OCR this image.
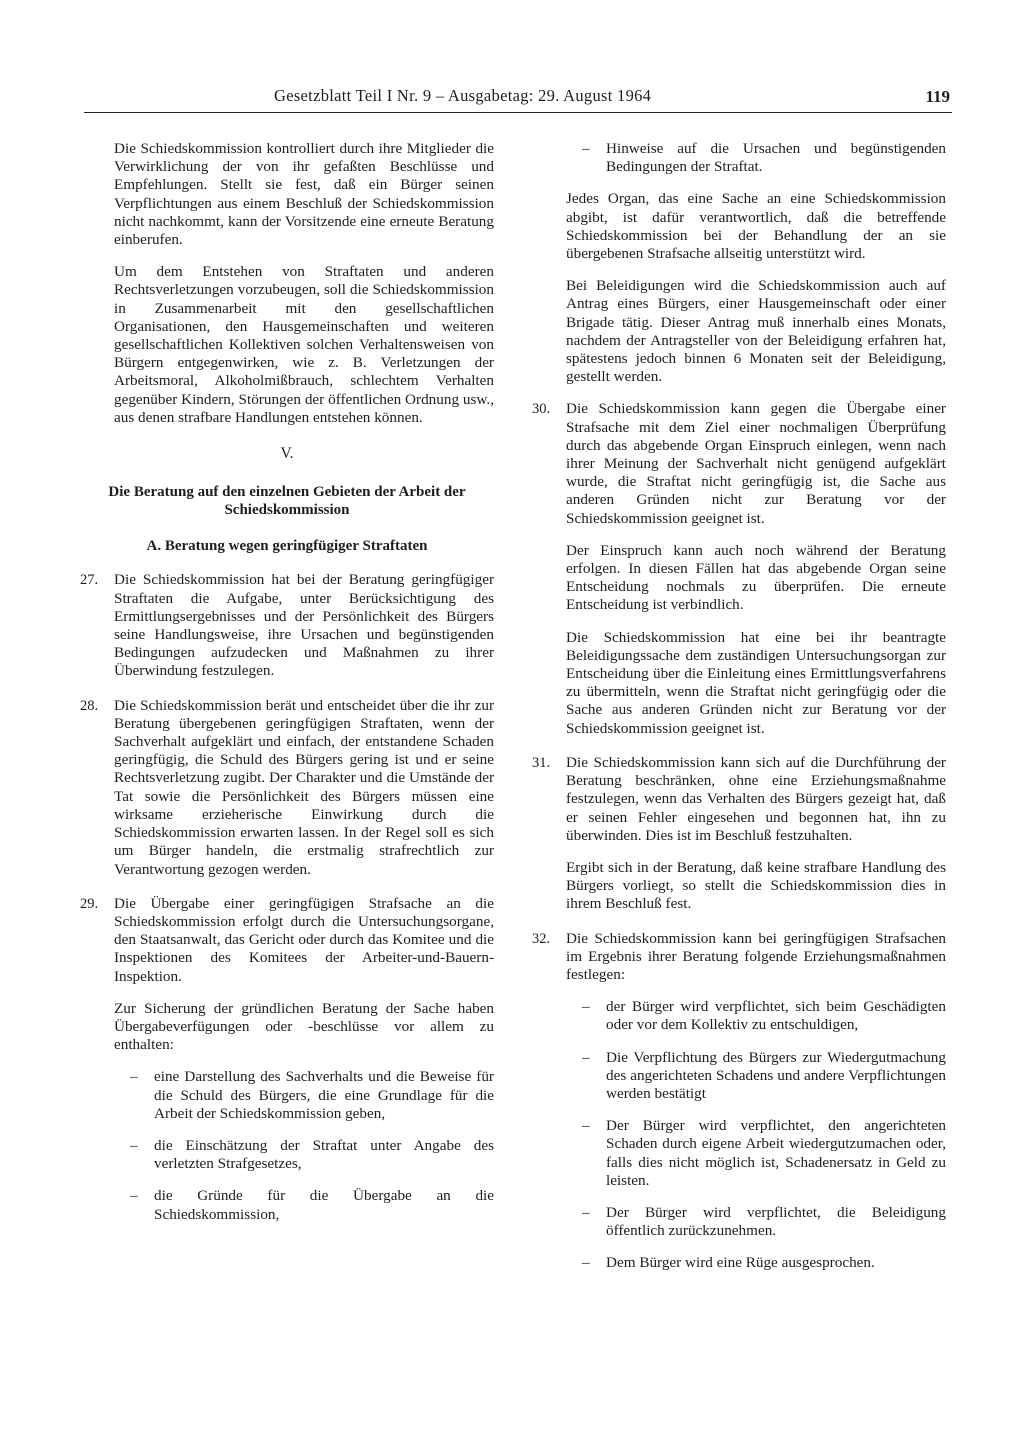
Gesetzblatt Teil I Nr. 9 – Ausgabetag: 29. August 1964	119

Die Schiedskommission kontrolliert durch ihre Mitglieder die Verwirklichung der von ihr gefaßten Beschlüsse und Empfehlungen. Stellt sie fest, daß ein Bürger seinen Verpflichtungen aus einem Beschluß der Schiedskommission nicht nachkommt, kann der Vorsitzende eine erneute Beratung einberufen.

Um dem Entstehen von Straftaten und anderen Rechtsverletzungen vorzubeugen, soll die Schiedskommission in Zusammenarbeit mit den gesellschaftlichen Organisationen, den Hausgemeinschaften und weiteren gesellschaftlichen Kollektiven solchen Verhaltensweisen von Bürgern entgegenwirken, wie z. B. Verletzungen der Arbeitsmoral, Alkoholmißbrauch, schlechtem Verhalten gegenüber Kindern, Störungen der öffentlichen Ordnung usw., aus denen strafbare Handlungen entstehen können.

V.
Die Beratung auf den einzelnen Gebieten der Arbeit der Schiedskommission
A. Beratung wegen geringfügiger Straftaten
27.	Die Schiedskommission hat bei der Beratung geringfügiger Straftaten die Aufgabe, unter Berücksichtigung des Ermittlungsergebnisses und der Persönlichkeit des Bürgers seine Handlungsweise, ihre Ursachen und begünstigenden Bedingungen aufzudecken und Maßnahmen zu ihrer Überwindung festzulegen.

28.	Die Schiedskommission berät und entscheidet über die ihr zur Beratung übergebenen geringfügigen Straftaten, wenn der Sachverhalt aufgeklärt und einfach, der entstandene Schaden geringfügig, die Schuld des Bürgers gering ist und er seine Rechtsverletzung zugibt. Der Charakter und die Umstände der Tat sowie die Persönlichkeit des Bürgers müssen eine wirksame erzieherische Einwirkung durch die Schiedskommission erwarten lassen. In der Regel soll es sich um Bürger handeln, die erstmalig strafrechtlich zur Verantwortung gezogen werden.

29.	Die Übergabe einer geringfügigen Strafsache an die Schiedskommission erfolgt durch die Untersuchungsorgane, den Staatsanwalt, das Gericht oder durch das Komitee und die Inspektionen des Komitees der Arbeiter-und-Bauern-Inspektion.

Zur Sicherung der gründlichen Beratung der Sache haben Übergabeverfügungen oder -beschlüsse vor allem zu enthalten:

–	eine Darstellung des Sachverhalts und die Beweise für die Schuld des Bürgers, die eine Grundlage für die Arbeit der Schiedskommission geben,
–	die Einschätzung der Straftat unter Angabe des verletzten Strafgesetzes,
–	die Gründe für die Übergabe an die Schiedskommission,
–	Hinweise auf die Ursachen und begünstigenden Bedingungen der Straftat.

Jedes Organ, das eine Sache an eine Schiedskommission abgibt, ist dafür verantwortlich, daß die betreffende Schiedskommission bei der Behandlung der an sie übergebenen Strafsache allseitig unterstützt wird.

Bei Beleidigungen wird die Schiedskommission auch auf Antrag eines Bürgers, einer Hausgemeinschaft oder einer Brigade tätig. Dieser Antrag muß innerhalb eines Monats, nachdem der Antragsteller von der Beleidigung erfahren hat, spätestens jedoch binnen 6 Monaten seit der Beleidigung, gestellt werden.

30.	Die Schiedskommission kann gegen die Übergabe einer Strafsache mit dem Ziel einer nochmaligen Überprüfung durch das abgebende Organ Einspruch einlegen, wenn nach ihrer Meinung der Sachverhalt nicht genügend aufgeklärt wurde, die Straftat nicht geringfügig ist, die Sache aus anderen Gründen nicht zur Beratung vor der Schiedskommission geeignet ist.

Der Einspruch kann auch noch während der Beratung erfolgen. In diesen Fällen hat das abgebende Organ seine Entscheidung nochmals zu überprüfen. Die erneute Entscheidung ist verbindlich.

Die Schiedskommission hat eine bei ihr beantragte Beleidigungssache dem zuständigen Untersuchungsorgan zur Entscheidung über die Einleitung eines Ermittlungsverfahrens zu übermitteln, wenn die Straftat nicht geringfügig oder die Sache aus anderen Gründen nicht zur Beratung vor der Schiedskommission geeignet ist.

31.	Die Schiedskommission kann sich auf die Durchführung der Beratung beschränken, ohne eine Erziehungsmaßnahme festzulegen, wenn das Verhalten des Bürgers gezeigt hat, daß er seinen Fehler eingesehen und begonnen hat, ihn zu überwinden. Dies ist im Beschluß festzuhalten.

Ergibt sich in der Beratung, daß keine strafbare Handlung des Bürgers vorliegt, so stellt die Schiedskommission dies in ihrem Beschluß fest.

32.	Die Schiedskommission kann bei geringfügigen Strafsachen im Ergebnis ihrer Beratung folgende Erziehungsmaßnahmen festlegen:

–	der Bürger wird verpflichtet, sich beim Geschädigten oder vor dem Kollektiv zu entschuldigen,
–	Die Verpflichtung des Bürgers zur Wiedergutmachung des angerichteten Schadens und andere Verpflichtungen werden bestätigt
–	Der Bürger wird verpflichtet, den angerichteten Schaden durch eigene Arbeit wiedergutzumachen oder, falls dies nicht möglich ist, Schadenersatz in Geld zu leisten.
–	Der Bürger wird verpflichtet, die Beleidigung öffentlich zurückzunehmen.
–	Dem Bürger wird eine Rüge ausgesprochen.
